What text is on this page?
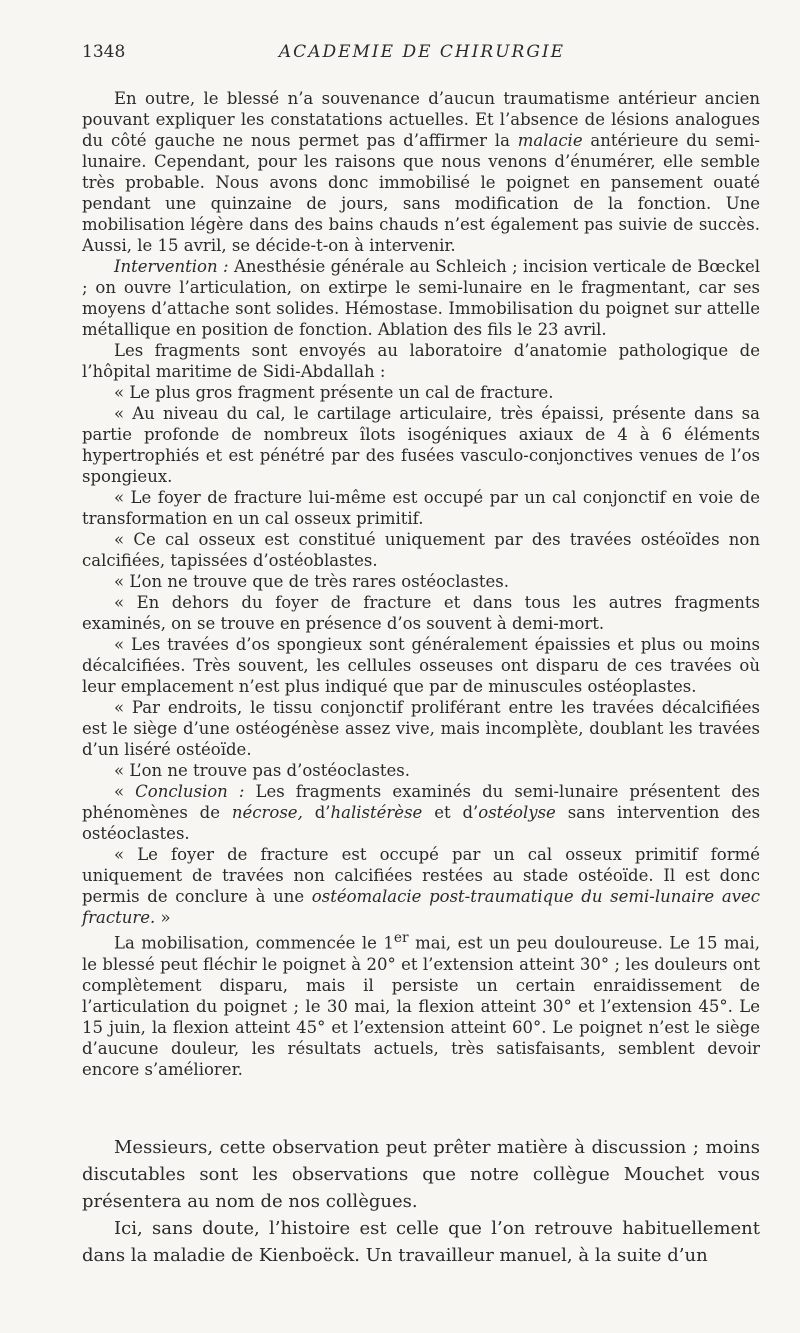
1348	ACADEMIE DE CHIRURGIE

En outre, le blessé n’a souvenance d’aucun traumatisme antérieur ancien pouvant expliquer les constatations actuelles. Et l’absence de lésions analogues du côté gauche ne nous permet pas d’affirmer la malacie antérieure du semi-lunaire. Cependant, pour les raisons que nous venons d’énumérer, elle semble très probable. Nous avons donc immobilisé le poignet en pansement ouaté pendant une quinzaine de jours, sans modification de la fonction. Une mobilisation légère dans des bains chauds n’est également pas suivie de succès. Aussi, le 15 avril, se décide-t-on à intervenir.

Intervention : Anesthésie générale au Schleich ; incision verticale de Bœckel ; on ouvre l’articulation, on extirpe le semi-lunaire en le fragmentant, car ses moyens d’attache sont solides. Hémostase. Immobilisation du poignet sur attelle métallique en position de fonction. Ablation des fils le 23 avril.

Les fragments sont envoyés au laboratoire d’anatomie pathologique de l’hôpital maritime de Sidi-Abdallah :

« Le plus gros fragment présente un cal de fracture.

« Au niveau du cal, le cartilage articulaire, très épaissi, présente dans sa partie profonde de nombreux îlots isogéniques axiaux de 4 à 6 éléments hypertrophiés et est pénétré par des fusées vasculo-conjonctives venues de l’os spongieux.

« Le foyer de fracture lui-même est occupé par un cal conjonctif en voie de transformation en un cal osseux primitif.

« Ce cal osseux est constitué uniquement par des travées ostéoïdes non calcifiées, tapissées d’ostéoblastes.

« L’on ne trouve que de très rares ostéoclastes.

« En dehors du foyer de fracture et dans tous les autres fragments examinés, on se trouve en présence d’os souvent à demi-mort.

« Les travées d’os spongieux sont généralement épaissies et plus ou moins décalcifiées. Très souvent, les cellules osseuses ont disparu de ces travées où leur emplacement n’est plus indiqué que par de minuscules ostéoplastes.

« Par endroits, le tissu conjonctif proliférant entre les travées décalcifiées est le siège d’une ostéogénèse assez vive, mais incomplète, doublant les travées d’un liséré ostéoïde.

« L’on ne trouve pas d’ostéoclastes.

« Conclusion : Les fragments examinés du semi-lunaire présentent des phénomènes de nécrose, d’halistérèse et d’ostéolyse sans intervention des ostéoclastes.

« Le foyer de fracture est occupé par un cal osseux primitif formé uniquement de travées non calcifiées restées au stade ostéoïde. Il est donc permis de conclure à une ostéomalacie post-traumatique du semi-lunaire avec fracture. »

La mobilisation, commencée le 1er mai, est un peu douloureuse. Le 15 mai, le blessé peut fléchir le poignet à 20° et l’extension atteint 30° ; les douleurs ont complètement disparu, mais il persiste un certain enraidissement de l’articulation du poignet ; le 30 mai, la flexion atteint 30° et l’extension 45°. Le 15 juin, la flexion atteint 45° et l’extension atteint 60°. Le poignet n’est le siège d’aucune douleur, les résultats actuels, très satisfaisants, semblent devoir encore s’améliorer.

Messieurs, cette observation peut prêter matière à discussion ; moins discutables sont les observations que notre collègue Mouchet vous présentera au nom de nos collègues.

Ici, sans doute, l’histoire est celle que l’on retrouve habituellement dans la maladie de Kienboëck. Un travailleur manuel, à la suite d’un
